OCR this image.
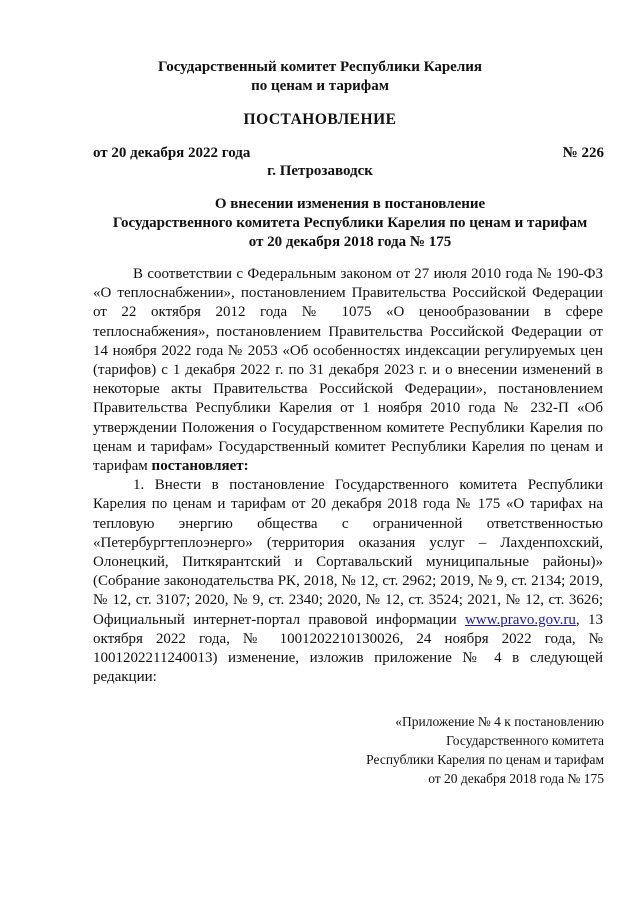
Государственный комитет Республики Карелия
по ценам и тарифам
ПОСТАНОВЛЕНИЕ
от 20 декабря 2022 года	№ 226
г. Петрозаводск
О внесении изменения в постановление
Государственного комитета Республики Карелия по ценам и тарифам
от 20 декабря 2018 года № 175

В соответствии с Федеральным законом от 27 июля 2010 года № 190-ФЗ «О теплоснабжении», постановлением Правительства Российской Федерации от 22 октября 2012 года № 1075 «О ценообразовании в сфере теплоснабжения», постановлением Правительства Российской Федерации от 14 ноября 2022 года № 2053 «Об особенностях индексации регулируемых цен (тарифов) с 1 декабря 2022 г. по 31 декабря 2023 г. и о внесении изменений в некоторые акты Правительства Российской Федерации», постановлением Правительства Республики Карелия от 1 ноября 2010 года № 232-П «Об утверждении Положения о Государственном комитете Республики Карелия по ценам и тарифам» Государственный комитет Республики Карелия по ценам и тарифам постановляет:

1. Внести в постановление Государственного комитета Республики Карелия по ценам и тарифам от 20 декабря 2018 года № 175 «О тарифах на тепловую энергию общества с ограниченной ответственностью «Петербургтеплоэнерго» (территория оказания услуг – Лахденпохский, Олонецкий, Питкярантский и Сортавальский муниципальные районы)» (Собрание законодательства РК, 2018, № 12, ст. 2962; 2019, № 9, ст. 2134; 2019, № 12, ст. 3107; 2020, № 9, ст. 2340; 2020, № 12, ст. 3524; 2021, № 12, ст. 3626; Официальный интернет-портал правовой информации www.pravo.gov.ru, 13 октября 2022 года, № 1001202210130026, 24 ноября 2022 года, № 1001202211240013) изменение, изложив приложение № 4 в следующей редакции:

«Приложение № 4 к постановлению
Государственного комитета
Республики Карелия по ценам и тарифам
от 20 декабря 2018 года № 175
